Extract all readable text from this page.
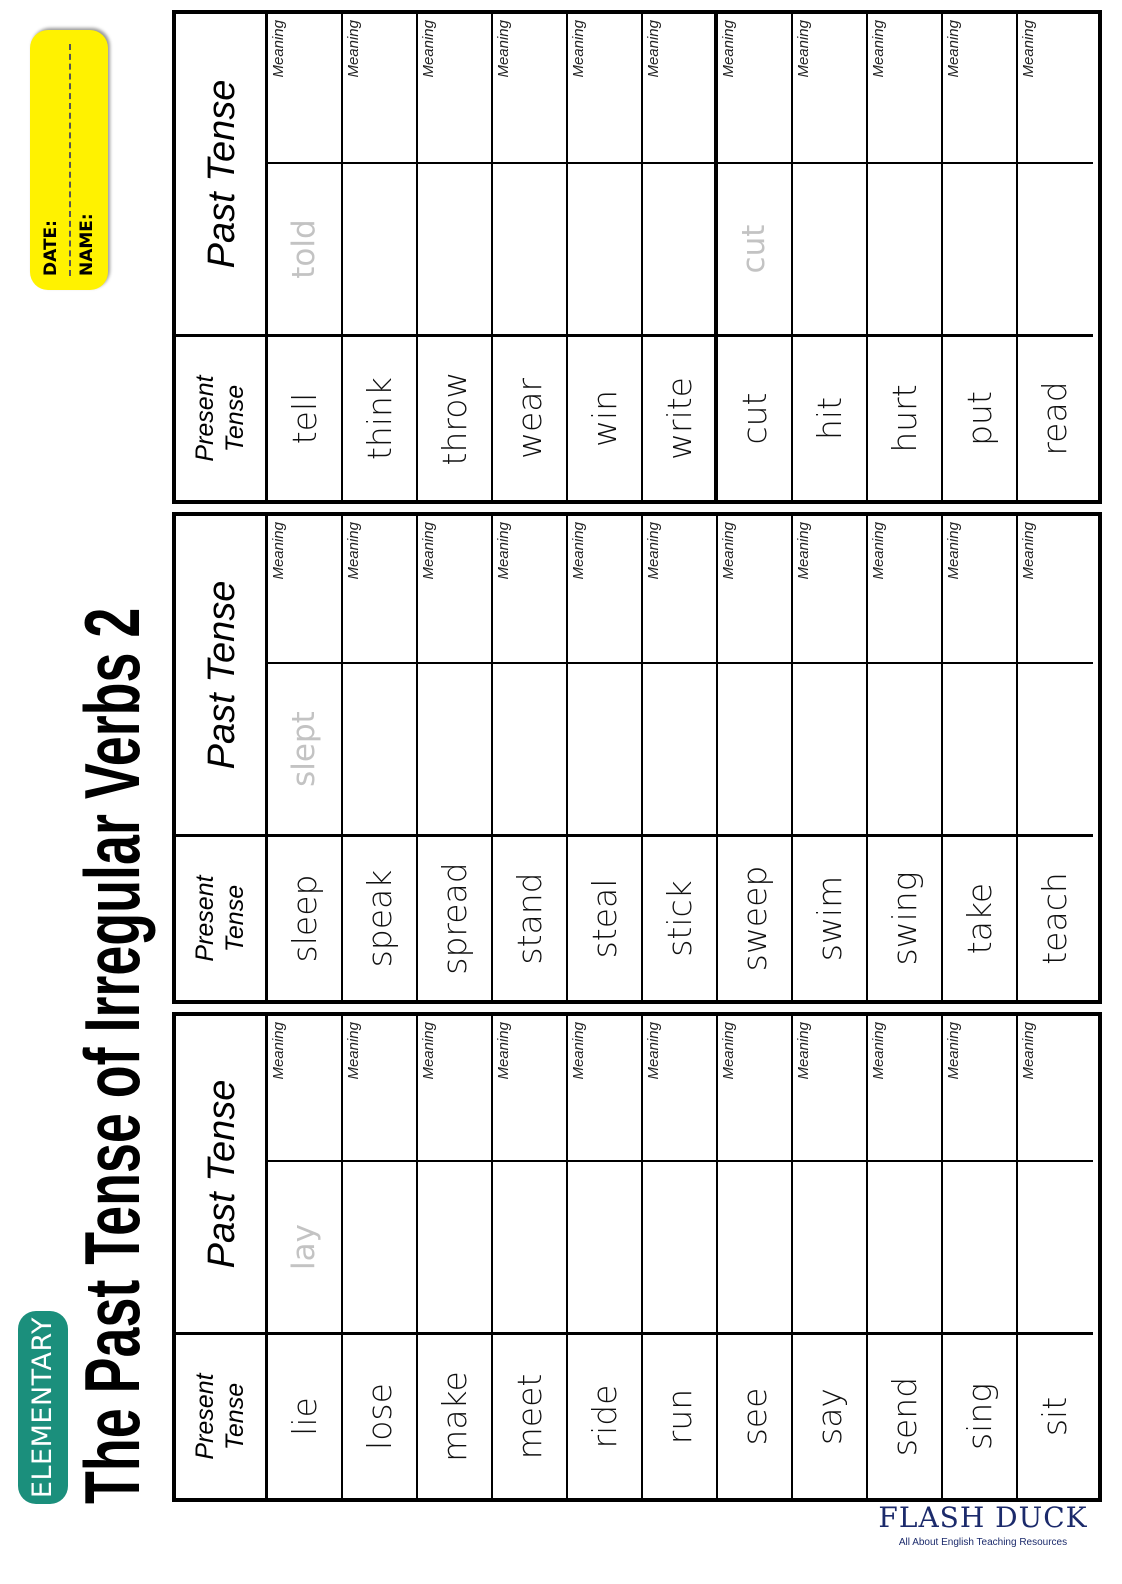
ELEMENTARY The Past Tense of Irregular Verbs 2
DATE: NAME:
Present Tense
Past Tense
lie
lay
Meaning
lose
Meaning
make
Meaning
meet
Meaning
ride
Meaning
run
Meaning
see
Meaning
say
Meaning
send
Meaning
sing
Meaning
sit
Meaning
Present Tense
Past Tense
sleep
slept
Meaning
speak
Meaning
spread
Meaning
stand
Meaning
steal
Meaning
stick
Meaning
sweep
Meaning
swim
Meaning
swing
Meaning
take
Meaning
teach
Meaning
Present Tense
Past Tense
tell
told
Meaning
think
Meaning
throw
Meaning
wear
Meaning
win
Meaning
write
Meaning
cut
cut
Meaning
hit
Meaning
hurt
Meaning
put
Meaning
read
Meaning
FLASH DUCK
All About English Teaching Resources
